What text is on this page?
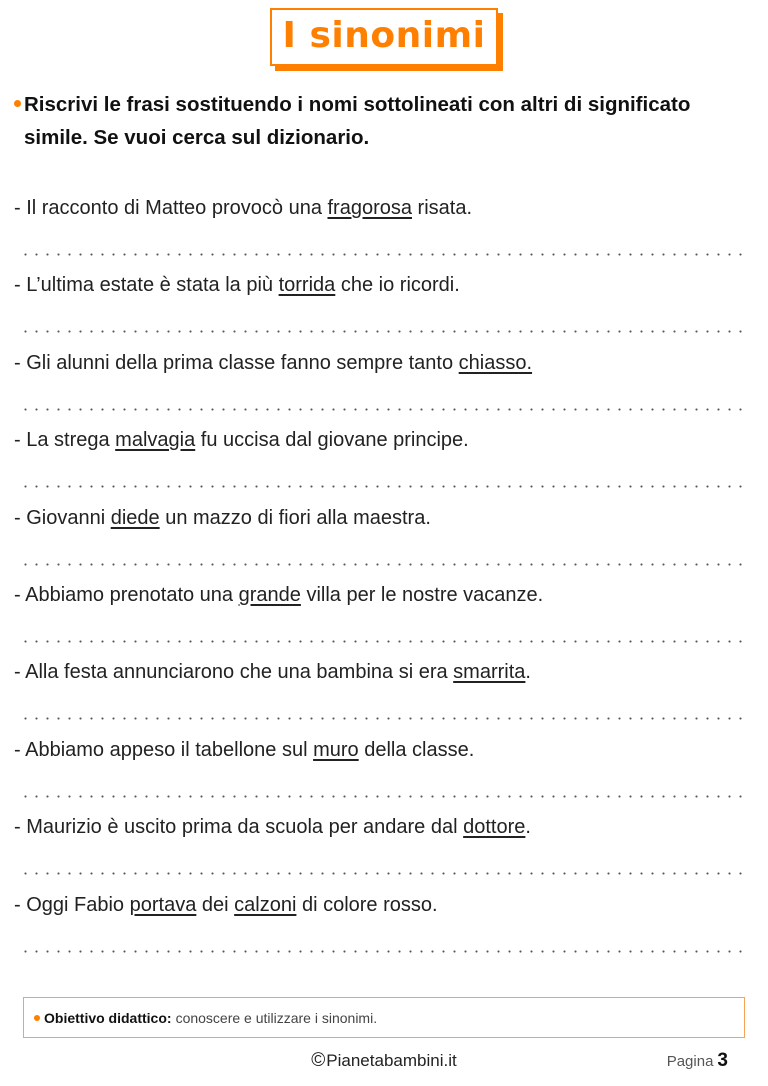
I sinonimi
Riscrivi le frasi sostituendo i nomi sottolineati con altri di significato simile. Se vuoi cerca sul dizionario.
- Il racconto di Matteo provocò una fragorosa risata.
- L’ultima estate è stata la più torrida che io ricordi.
- Gli alunni della prima classe fanno sempre tanto chiasso.
- La strega malvagia fu uccisa dal giovane principe.
- Giovanni diede un mazzo di fiori alla maestra.
- Abbiamo prenotato una grande villa per le nostre vacanze.
- Alla festa annunciarono che una bambina si era smarrita.
- Abbiamo appeso il tabellone sul muro della classe.
- Maurizio è uscito prima da scuola per andare dal dottore.
- Oggi Fabio portava dei calzoni di colore rosso.
Obiettivo didattico: conoscere e utilizzare i sinonimi.
©Pianetabambini.it	Pagina 3
